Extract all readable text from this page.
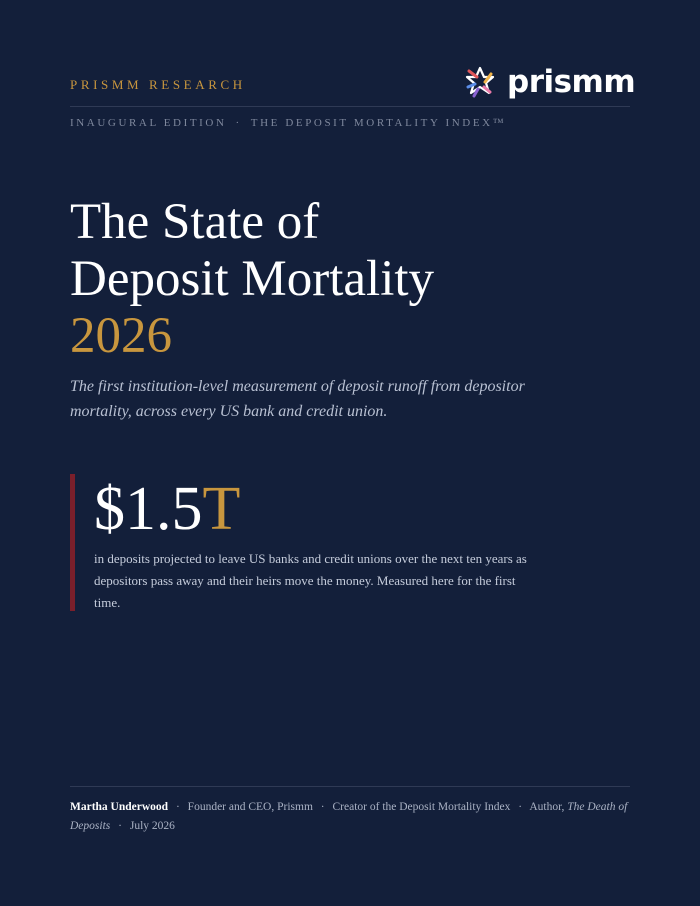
PRISMM RESEARCH	prismm
INAUGURAL EDITION · THE DEPOSIT MORTALITY INDEX™
The State of
Deposit Mortality
2026

The first institution-level measurement of deposit runoff from depositor mortality, across every US bank and credit union.

$1.5T

in deposits projected to leave US banks and credit unions over the next ten years as depositors pass away and their heirs move the money. Measured here for the first time.

Martha Underwood · Founder and CEO, Prismm · Creator of the Deposit Mortality Index · Author, The Death of Deposits · July 2026
